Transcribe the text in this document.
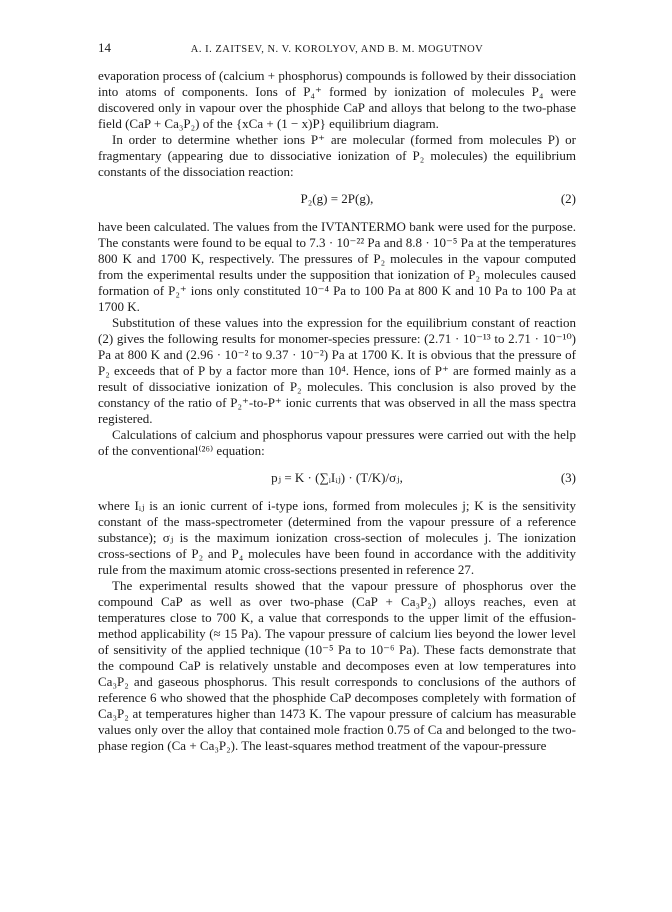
14	A. I. ZAITSEV, N. V. KOROLYOV, AND B. M. MOGUTNOV

evaporation process of (calcium + phosphorus) compounds is followed by their dissociation into atoms of components. Ions of P₄⁺ formed by ionization of molecules P₄ were discovered only in vapour over the phosphide CaP and alloys that belong to the two-phase field (CaP + Ca₃P₂) of the {xCa + (1 − x)P} equilibrium diagram.

In order to determine whether ions P⁺ are molecular (formed from molecules P) or fragmentary (appearing due to dissociative ionization of P₂ molecules) the equilibrium constants of the dissociation reaction:

P₂(g) = 2P(g),	(2)

have been calculated. The values from the IVTANTERMO bank were used for the purpose. The constants were found to be equal to 7.3 · 10⁻²² Pa and 8.8 · 10⁻⁵ Pa at the temperatures 800 K and 1700 K, respectively. The pressures of P₂ molecules in the vapour computed from the experimental results under the supposition that ionization of P₂ molecules caused formation of P₂⁺ ions only constituted 10⁻⁴ Pa to 100 Pa at 800 K and 10 Pa to 100 Pa at 1700 K.

Substitution of these values into the expression for the equilibrium constant of reaction (2) gives the following results for monomer-species pressure: (2.71 · 10⁻¹³ to 2.71 · 10⁻¹⁰) Pa at 800 K and (2.96 · 10⁻² to 9.37 · 10⁻²) Pa at 1700 K. It is obvious that the pressure of P₂ exceeds that of P by a factor more than 10⁴. Hence, ions of P⁺ are formed mainly as a result of dissociative ionization of P₂ molecules. This conclusion is also proved by the constancy of the ratio of P₂⁺-to-P⁺ ionic currents that was observed in all the mass spectra registered.

Calculations of calcium and phosphorus vapour pressures were carried out with the help of the conventional⁽²⁶⁾ equation:

pⱼ = K · (∑ᵢIᵢⱼ) · (T/K)/σⱼ,	(3)

where Iᵢⱼ is an ionic current of i-type ions, formed from molecules j; K is the sensitivity constant of the mass-spectrometer (determined from the vapour pressure of a reference substance); σⱼ is the maximum ionization cross-section of molecules j. The ionization cross-sections of P₂ and P₄ molecules have been found in accordance with the additivity rule from the maximum atomic cross-sections presented in reference 27.

The experimental results showed that the vapour pressure of phosphorus over the compound CaP as well as over two-phase (CaP + Ca₃P₂) alloys reaches, even at temperatures close to 700 K, a value that corresponds to the upper limit of the effusion-method applicability (≈ 15 Pa). The vapour pressure of calcium lies beyond the lower level of sensitivity of the applied technique (10⁻⁵ Pa to 10⁻⁶ Pa). These facts demonstrate that the compound CaP is relatively unstable and decomposes even at low temperatures into Ca₃P₂ and gaseous phosphorus. This result corresponds to conclusions of the authors of reference 6 who showed that the phosphide CaP decomposes completely with formation of Ca₃P₂ at temperatures higher than 1473 K. The vapour pressure of calcium has measurable values only over the alloy that contained mole fraction 0.75 of Ca and belonged to the two-phase region (Ca + Ca₃P₂). The least-squares method treatment of the vapour-pressure
